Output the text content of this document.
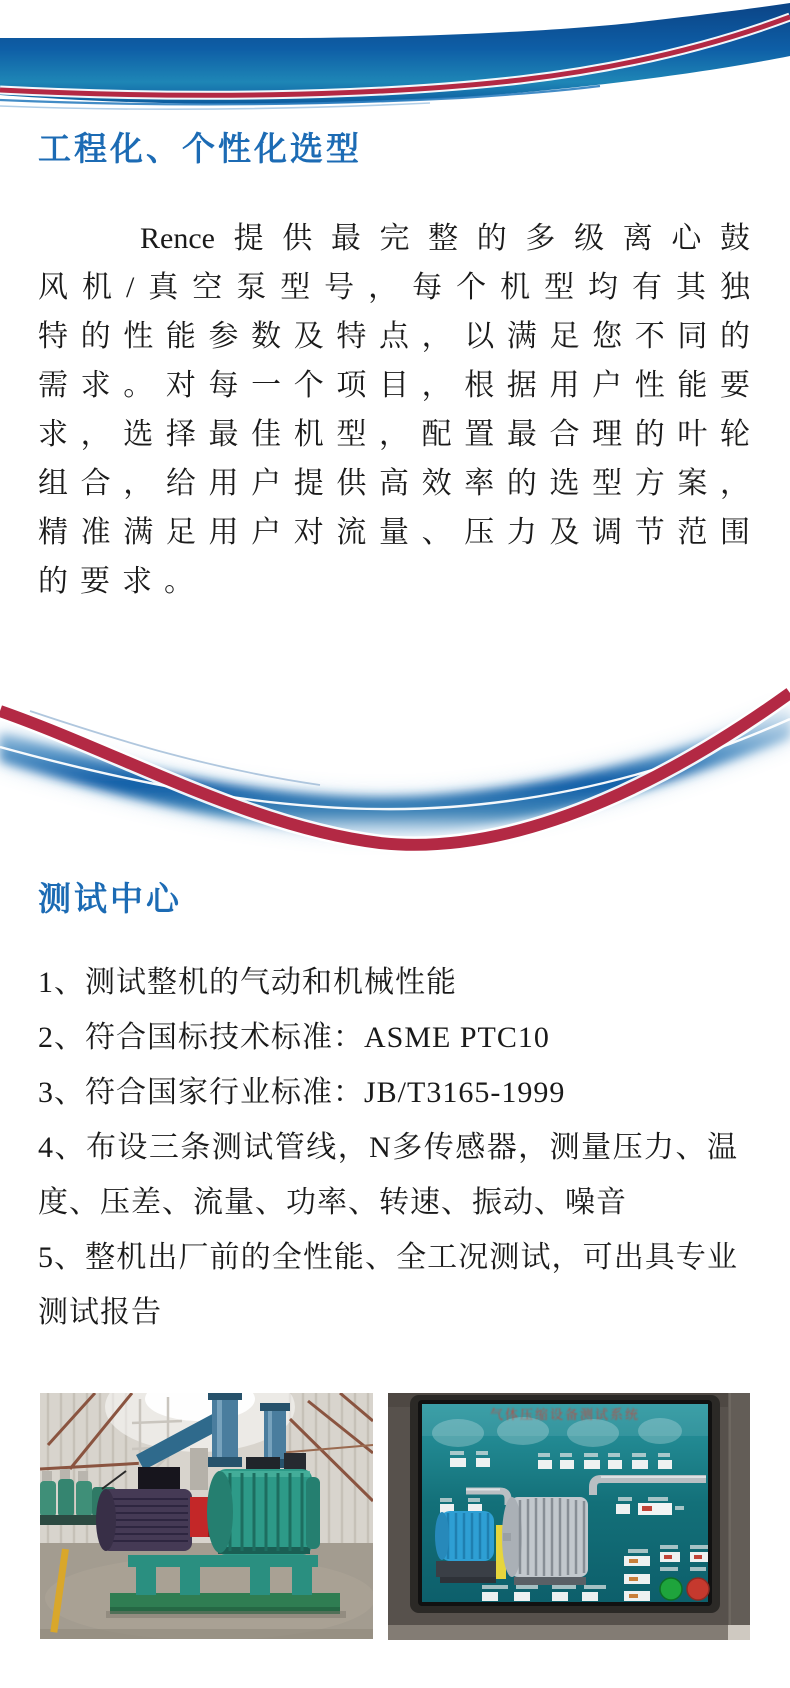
工程化、个性化选型
Rence提供最完整的多级离心鼓
风机/真空泵型号，每个机型均有其独
特的性能参数及特点，以满足您不同的
需求。对每一个项目，根据用户性能要
求，选择最佳机型，配置最合理的叶轮
组合，给用户提供高效率的选型方案，
精准满足用户对流量、压力及调节范围
的要求。
测试中心
1、测试整机的气动和机械性能
2、符合国标技术标准：ASME PTC10
3、符合国家行业标准：JB/T3165-1999
4、布设三条测试管线，N多传感器，测量压力、温度、压差、流量、功率、转速、振动、噪音
5、整机出厂前的全性能、全工况测试，可出具专业测试报告
气体压缩设备测试系统
